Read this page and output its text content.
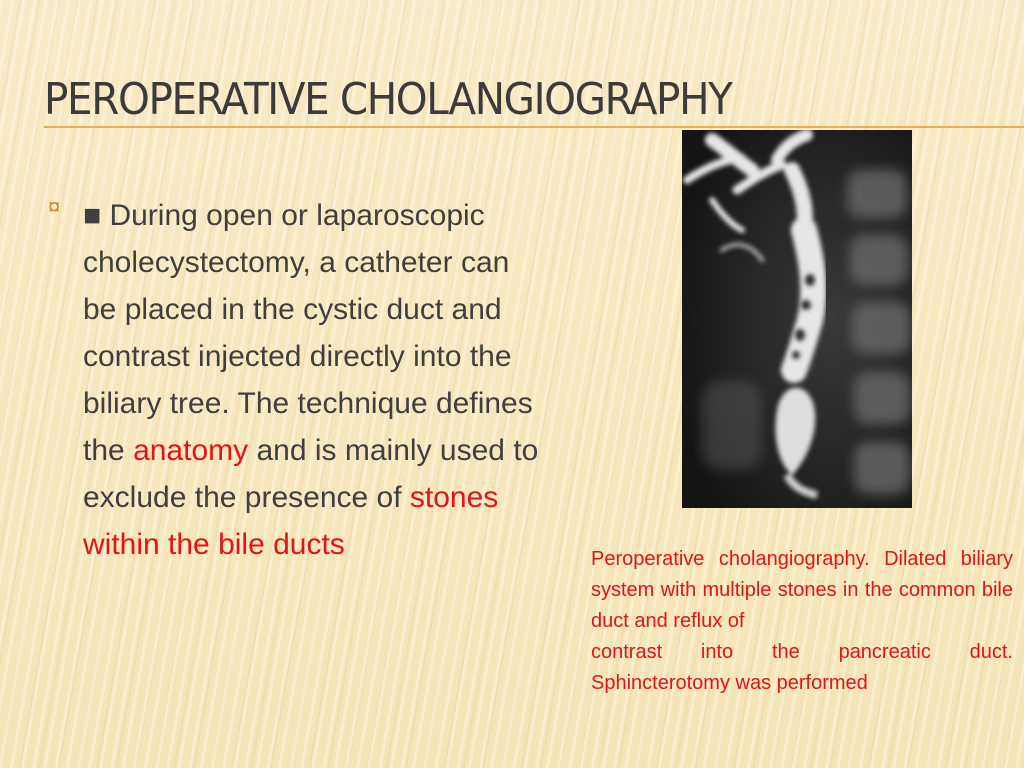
PEROPERATIVE CHOLANGIOGRAPHY
¤ ■ During open or laparoscopic cholecystectomy, a catheter can be placed in the cystic duct and contrast injected directly into the biliary tree. The technique defines the anatomy and is mainly used to exclude the presence of stones within the bile ducts	Peroperative cholangiography. Dilated biliary system with multiple stones in the common bile duct and reflux of

contrast into the pancreatic duct. Sphincterotomy was performed
